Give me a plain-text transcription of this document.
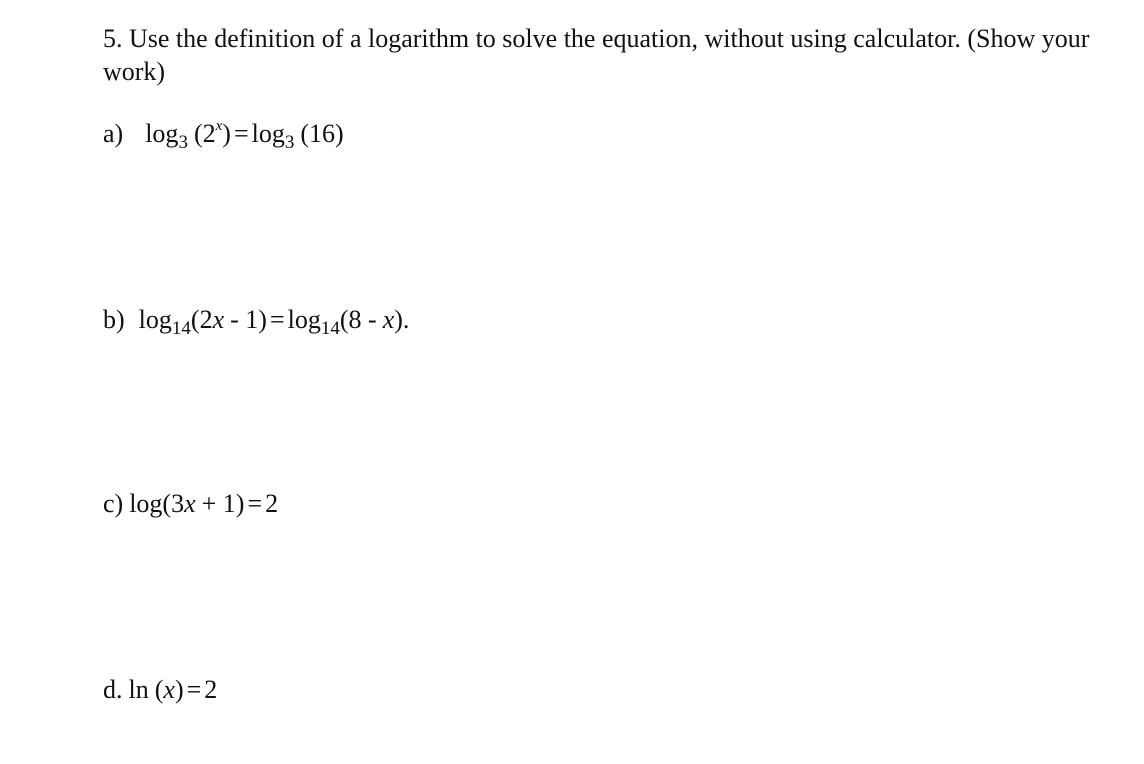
5. Use the definition of a logarithm to solve the equation, without using calculator. (Show your work)
a) $\log_3 (2^x) = \log_3 (16)$
b) $\log_{14}(2x - 1) = \log_{14}(8 - x)$.
c) log(3x + 1) = 2
d. ln (x) = 2
